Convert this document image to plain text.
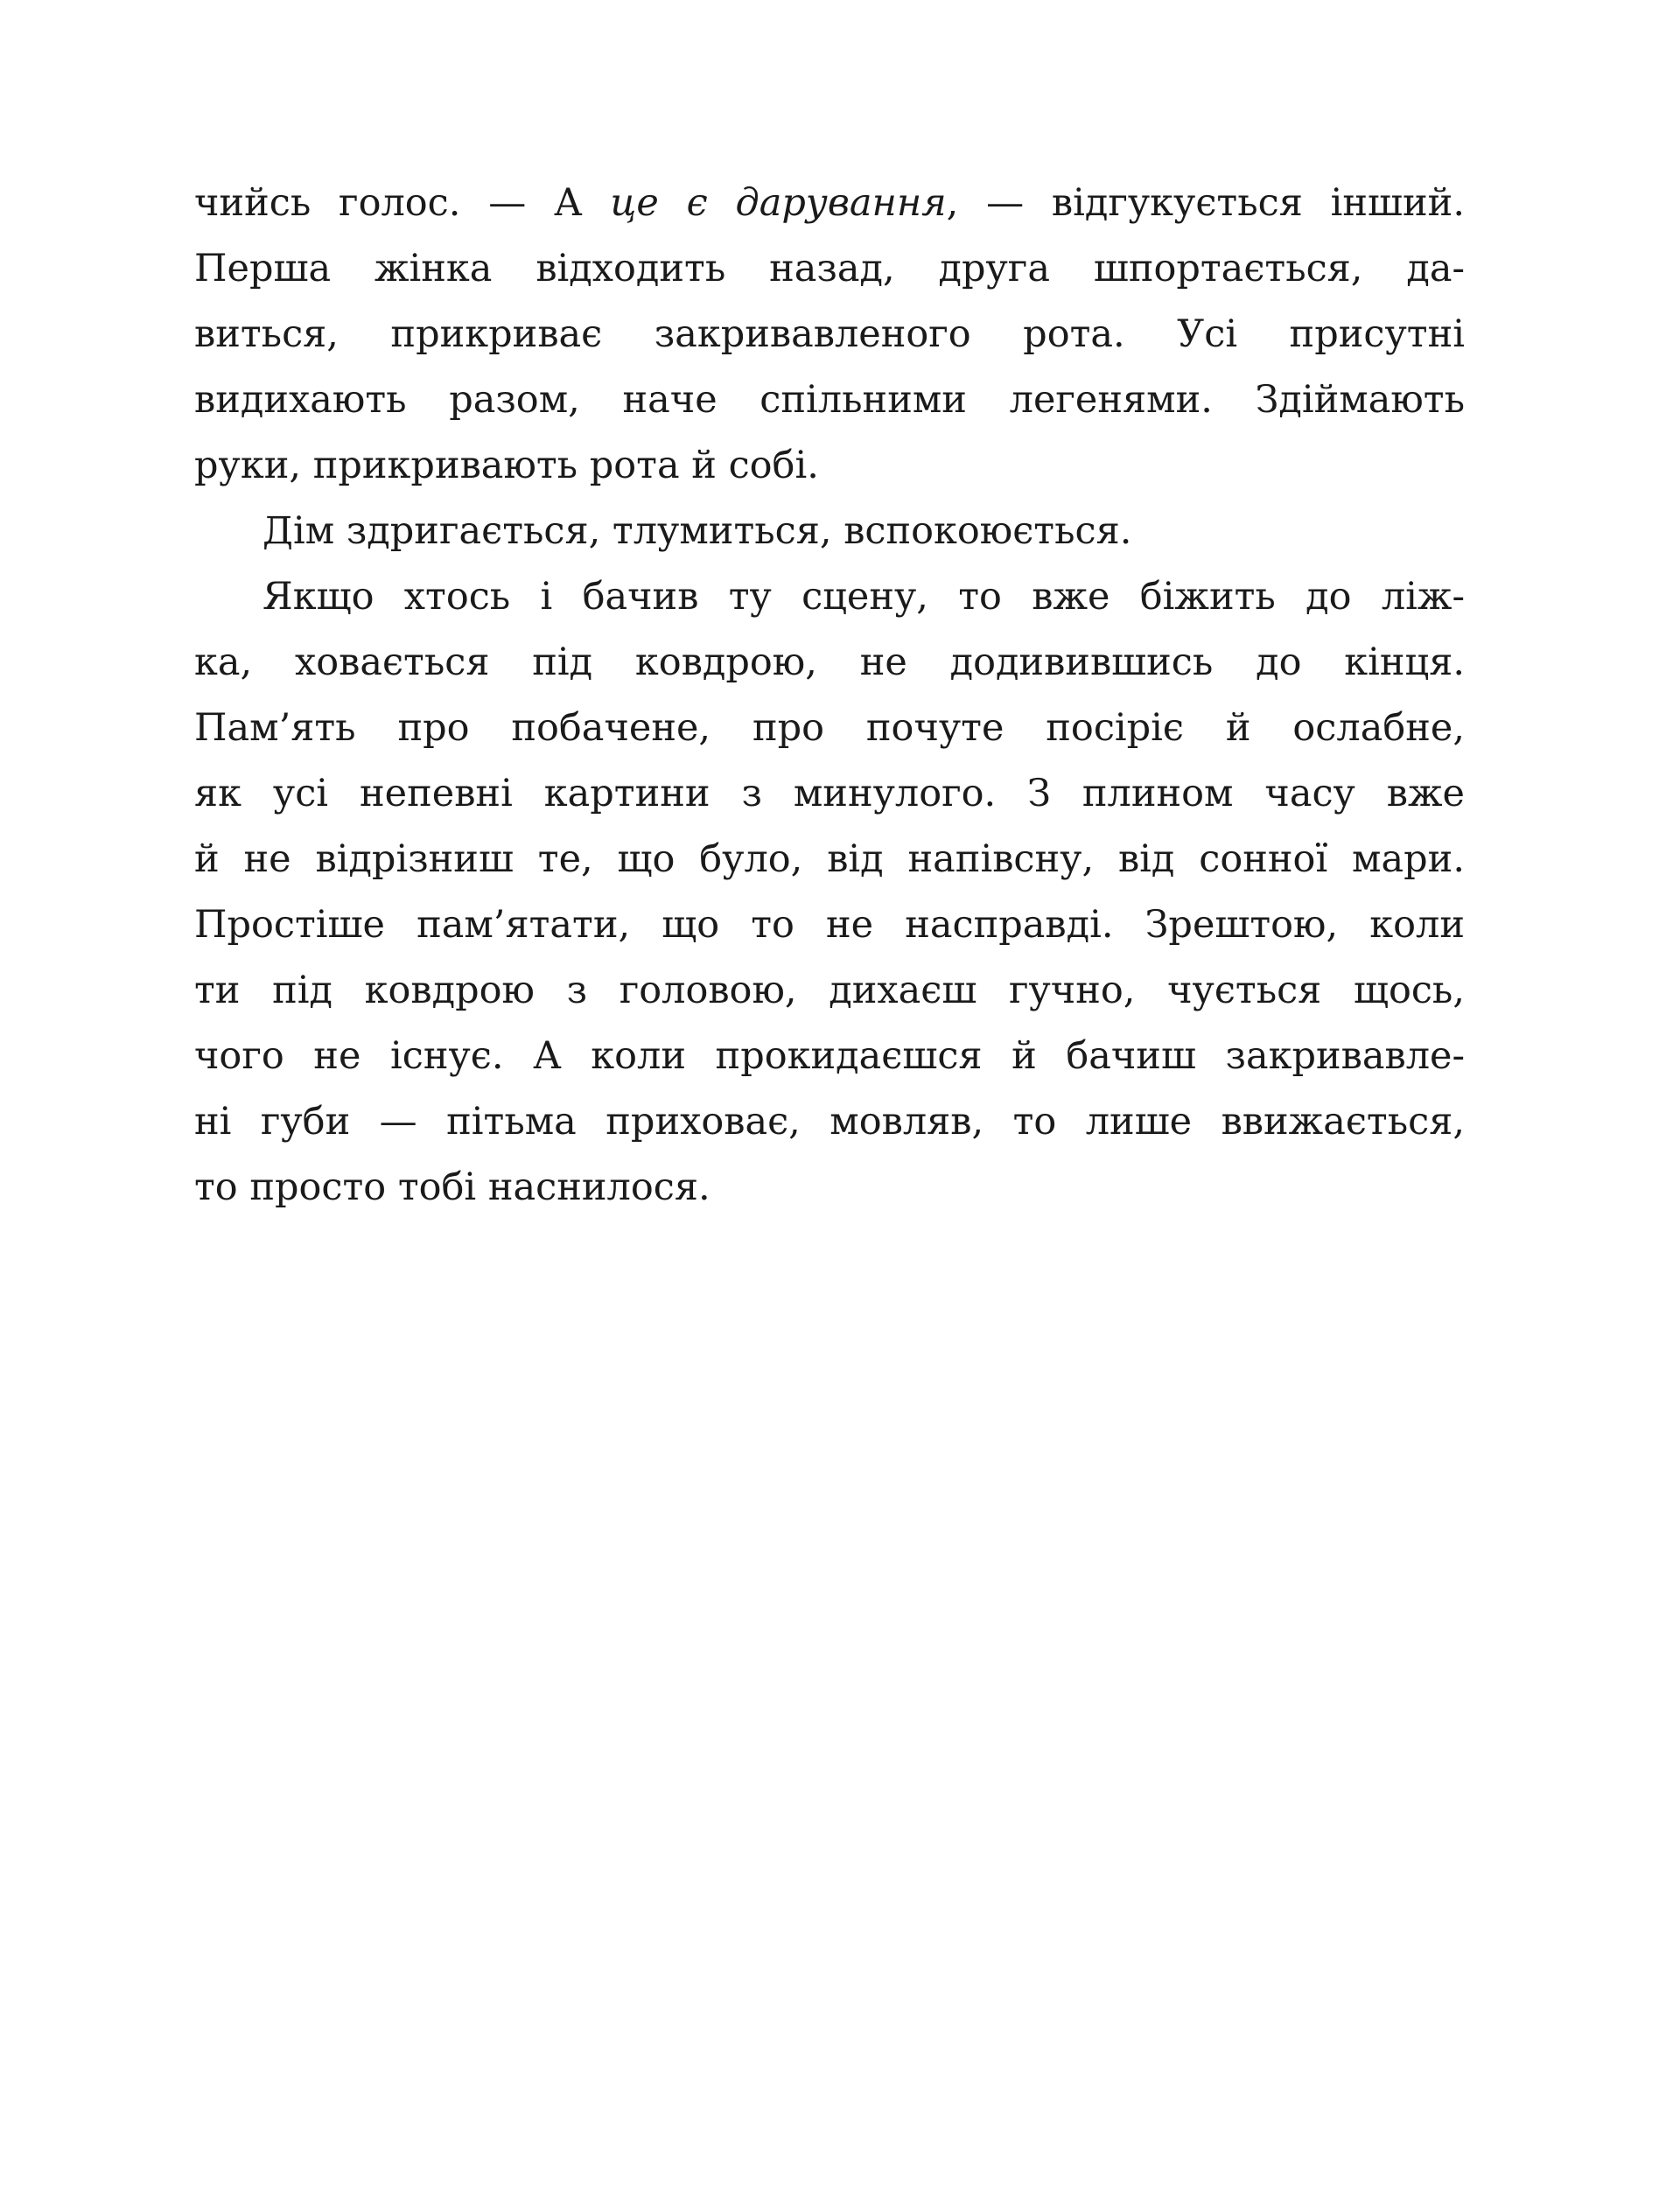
чийсь голос. — А це є дарування, — відгукується інший.
Перша жінка відходить назад, друга шпортається, да-
виться, прикриває закривавленого рота. Усі присутні
видихають разом, наче спільними легенями. Здіймають
руки, прикривають рота й собі.
Дім здригається, тлумиться, вспокоюється.
Якщо хтось і бачив ту сцену, то вже біжить до ліж-
ка, ховається під ковдрою, не додивившись до кінця.
Пам’ять про побачене, про почуте посіріє й ослабне,
як усі непевні картини з минулого. З плином часу вже
й не відрізниш те, що було, від напівсну, від сонної мари.
Простіше пам’ятати, що то не насправді. Зрештою, коли
ти під ковдрою з головою, дихаєш гучно, чується щось,
чого не існує. А коли прокидаєшся й бачиш закривавле-
ні губи — пітьма приховає, мовляв, то лише ввижається,
то просто тобі наснилося.
